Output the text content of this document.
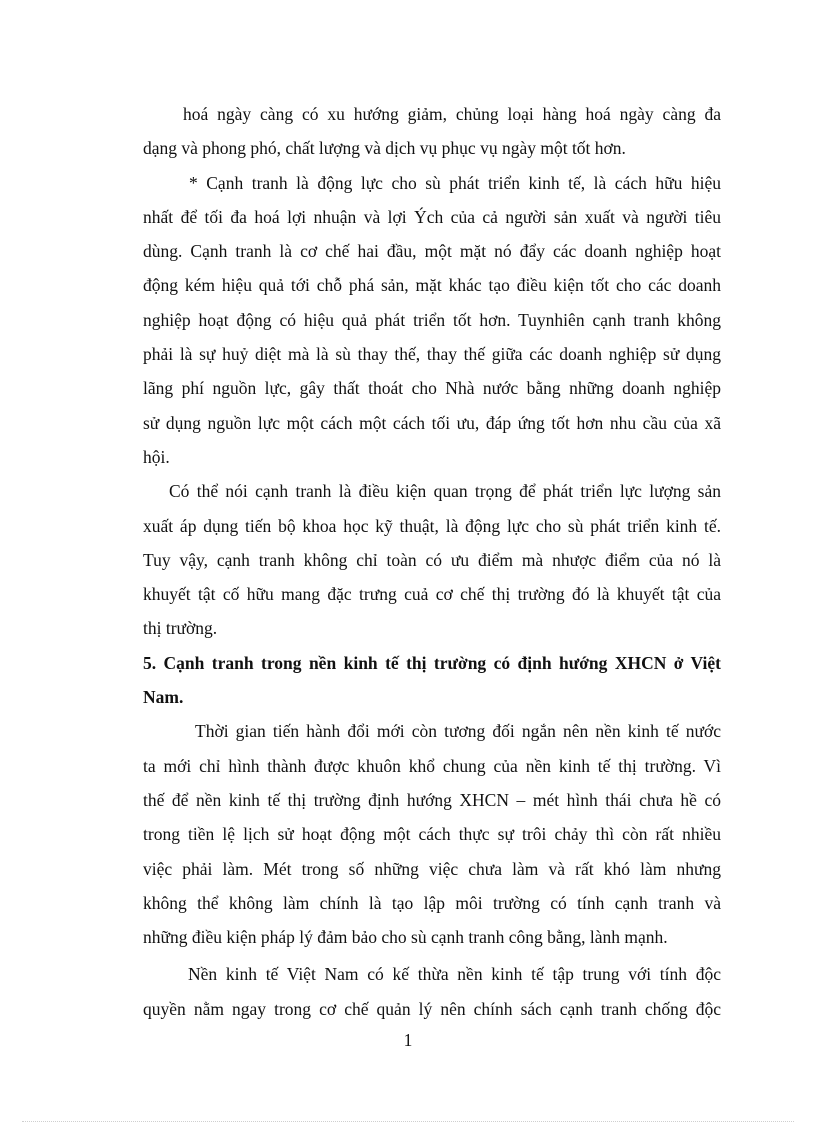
hoá ngày càng có xu hướng giảm, chủng loại hàng hoá ngày càng đa
dạng và phong phó, chất lượng và dịch vụ phục vụ ngày một tốt hơn.

* Cạnh tranh là động lực cho sù phát triển kinh tế, là cách hữu hiệu
nhất để tối đa hoá lợi nhuận và lợi Ých của cả người sản xuất và người tiêu
dùng. Cạnh tranh là cơ chế hai đầu, một mặt nó đẩy các doanh nghiệp hoạt
động kém hiệu quả tới chỗ phá sản, mặt khác tạo điều kiện tốt cho các doanh
nghiệp hoạt động có hiệu quả phát triển tốt hơn. Tuynhiên cạnh tranh không
phải là sự huỷ diệt mà là sù thay thế, thay thế giữa các doanh nghiệp sử dụng
lãng phí nguồn lực, gây thất thoát cho Nhà nước bằng những doanh nghiệp
sử dụng nguồn lực một cách một cách tối ưu, đáp ứng tốt hơn nhu cầu của xã
hội.

Có thể nói cạnh tranh là điều kiện quan trọng để phát triển lực lượng sản
xuất áp dụng tiến bộ khoa học kỹ thuật, là động lực cho sù phát triển kinh tế.
Tuy vậy, cạnh tranh không chỉ toàn có ưu điểm mà nhược điểm của nó là
khuyết tật cố hữu mang đặc trưng cuả cơ chế thị trường đó là khuyết tật của
thị trường.

5. Cạnh tranh trong nền kinh tế thị trường có định hướng XHCN ở Việt
Nam.

Thời gian tiến hành đổi mới còn tương đối ngắn nên nền kinh tế nước
ta mới chỉ hình thành được khuôn khổ chung của nền kinh tế thị trường. Vì
thế để nền kinh tế thị trường định hướng XHCN – mét hình thái chưa hề có
trong tiền lệ lịch sử hoạt động một cách thực sự trôi chảy thì còn rất nhiều
việc phải làm. Mét trong số những việc chưa làm và rất khó làm nhưng
không thể không làm chính là tạo lập môi trường có tính cạnh tranh và
những điều kiện pháp lý đảm bảo cho sù cạnh tranh công bằng, lành mạnh.

Nền kinh tế Việt Nam có kế thừa nền kinh tế tập trung với tính độc
quyền nằm ngay trong cơ chế quản lý nên chính sách cạnh tranh chống độc

1
